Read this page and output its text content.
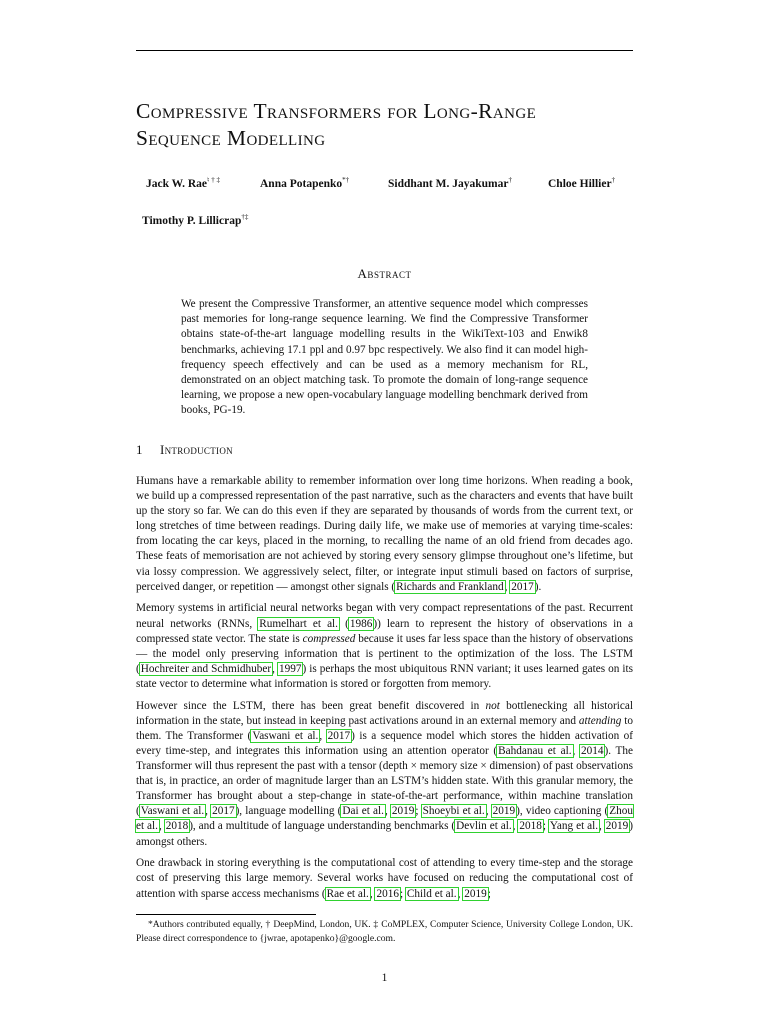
Compressive Transformers for Long-Range
Sequence Modelling
Jack W. Rae♮ † ‡	Anna Potapenko*†	Siddhant M. Jayakumar†	Chloe Hillier†
Timothy P. Lillicrap†‡
Abstract
We present the Compressive Transformer, an attentive sequence model which compresses past memories for long-range sequence learning. We find the Compressive Transformer obtains state-of-the-art language modelling results in the WikiText-103 and Enwik8 benchmarks, achieving 17.1 ppl and 0.97 bpc respectively. We also find it can model high-frequency speech effectively and can be used as a memory mechanism for RL, demonstrated on an object matching task. To promote the domain of long-range sequence learning, we propose a new open-vocabulary language modelling benchmark derived from books, PG-19.
1 Introduction

Humans have a remarkable ability to remember information over long time horizons. When reading a book, we build up a compressed representation of the past narrative, such as the characters and events that have built up the story so far. We can do this even if they are separated by thousands of words from the current text, or long stretches of time between readings. During daily life, we make use of memories at varying time-scales: from locating the car keys, placed in the morning, to recalling the name of an old friend from decades ago. These feats of memorisation are not achieved by storing every sensory glimpse throughout one’s lifetime, but via lossy compression. We aggressively select, filter, or integrate input stimuli based on factors of surprise, perceived danger, or repetition — amongst other signals (Richards and Frankland, 2017).

Memory systems in artificial neural networks began with very compact representations of the past. Recurrent neural networks (RNNs, Rumelhart et al. (1986)) learn to represent the history of observations in a compressed state vector. The state is compressed because it uses far less space than the history of observations — the model only preserving information that is pertinent to the optimization of the loss. The LSTM (Hochreiter and Schmidhuber, 1997) is perhaps the most ubiquitous RNN variant; it uses learned gates on its state vector to determine what information is stored or forgotten from memory.

However since the LSTM, there has been great benefit discovered in not bottlenecking all historical information in the state, but instead in keeping past activations around in an external memory and attending to them. The Transformer (Vaswani et al., 2017) is a sequence model which stores the hidden activation of every time-step, and integrates this information using an attention operator (Bahdanau et al., 2014). The Transformer will thus represent the past with a tensor (depth × memory size × dimension) of past observations that is, in practice, an order of magnitude larger than an LSTM’s hidden state. With this granular memory, the Transformer has brought about a step-change in state-of-the-art performance, within machine translation (Vaswani et al., 2017), language modelling (Dai et al., 2019; Shoeybi et al., 2019), video captioning (Zhou et al., 2018), and a multitude of language understanding benchmarks (Devlin et al., 2018; Yang et al., 2019) amongst others.

One drawback in storing everything is the computational cost of attending to every time-step and the storage cost of preserving this large memory. Several works have focused on reducing the computational cost of attention with sparse access mechanisms (Rae et al., 2016; Child et al., 2019;

*Authors contributed equally, † DeepMind, London, UK. ‡ CoMPLEX, Computer Science, University College London, UK. Please direct correspondence to {jwrae, apotapenko}@google.com.
1
